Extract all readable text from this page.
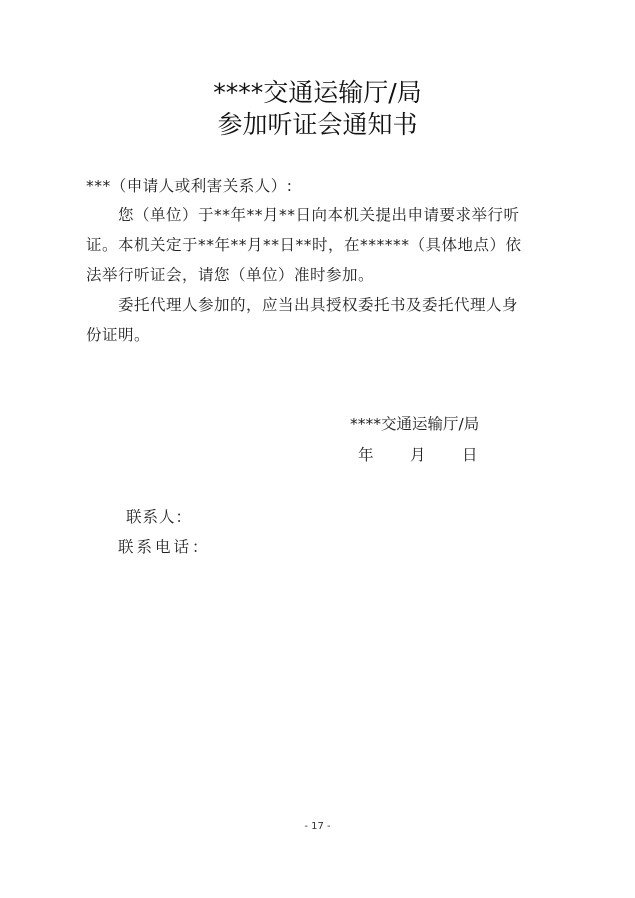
****交通运输厅/局
参加听证会通知书
***（申请人或利害关系人）:
您（单位）于**年**月**日向本机关提出申请要求举行听
证。本机关定于**年**月**日**时，在******（具体地点）依
法举行听证会，请您（单位）准时参加。
委托代理人参加的，应当出具授权委托书及委托代理人身
份证明。
****交通运输厅/局
年 月 日
联系人：
联系电话：
- 17 -
